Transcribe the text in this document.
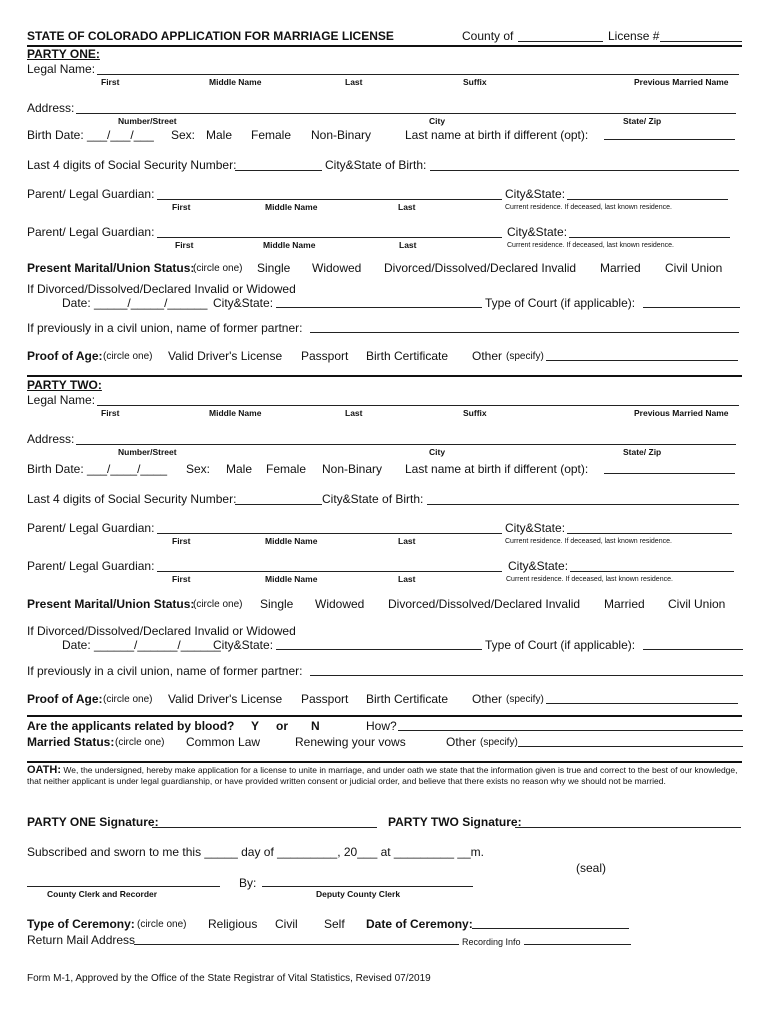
STATE OF COLORADO APPLICATION FOR MARRIAGE LICENSE	County of	License #
PARTY ONE:
Legal Name:
First	Middle Name	Last	Suffix	Previous Married Name
Address:
Number/Street	City	State/ Zip
Birth Date: ___/___/___ Sex: Male Female Non-Binary	Last name at birth if different (opt):
Last 4 digits of Social Security Number:	City&State of Birth:
Parent/ Legal Guardian:	City&State:
First	Middle Name	Last	Current residence. If deceased, last known residence.
Parent/ Legal Guardian:	City&State:
First	Middle Name	Last	Current residence. If deceased, last known residence.
Present Marital/Union Status:
(circle one) Single Widowed Divorced/Dissolved/Declared Invalid Married Civil Union
If Divorced/Dissolved/Declared Invalid or Widowed
Date: _____/_____/______ City&State:	Type of Court (if applicable):
If previously in a civil union, name of former partner:
Proof of Age: (circle one) Valid Driver's License Passport Birth Certificate Other (specify)
PARTY TWO:
Legal Name:
First	Middle Name	Last	Suffix	Previous Married Name
Address:
Number/Street	City	State/ Zip
Birth Date: ___/____/____ Sex: Male Female Non-Binary Last name at birth if different (opt):
Last 4 digits of Social Security Number:	City&State of Birth:
Parent/ Legal Guardian:	City&State:
First	Middle Name	Last	Current residence. If deceased, last known residence.
Parent/ Legal Guardian:	City&State:
First	Middle Name	Last	Current residence. If deceased, last known residence.
Present Marital/Union Status:
(circle one) Single Widowed Divorced/Dissolved/Declared Invalid Married Civil Union
If Divorced/Dissolved/Declared Invalid or Widowed
Date: ______/______/______
City&State:	Type of Court (if applicable):
If previously in a civil union, name of former partner:
Proof of Age: (circle one) Valid Driver's License Passport Birth Certificate Other (specify)
Are the applicants related by blood? Y or N	How?
Married Status: (circle one) Common Law	Renewing your vows	Other (specify)
OATH: We, the undersigned, hereby make application for a license to unite in marriage, and under oath we state that the information given is true and correct to the best of our knowledge, that neither applicant is under legal guardianship, or have provided written consent or judicial order, and believe that there exists no reason why we should not be married.
PARTY ONE Signature:	PARTY TWO Signature:
Subscribed and sworn to me this _____ day of _________, 20___ at _________ __m.
(seal)
By:
County Clerk and Recorder	Deputy County Clerk
Type of Ceremony: (circle one) Religious Civil Self Date of Ceremony:
Return Mail Address	Recording Info
Form M-1, Approved by the Office of the State Registrar of Vital Statistics, Revised 07/2019
